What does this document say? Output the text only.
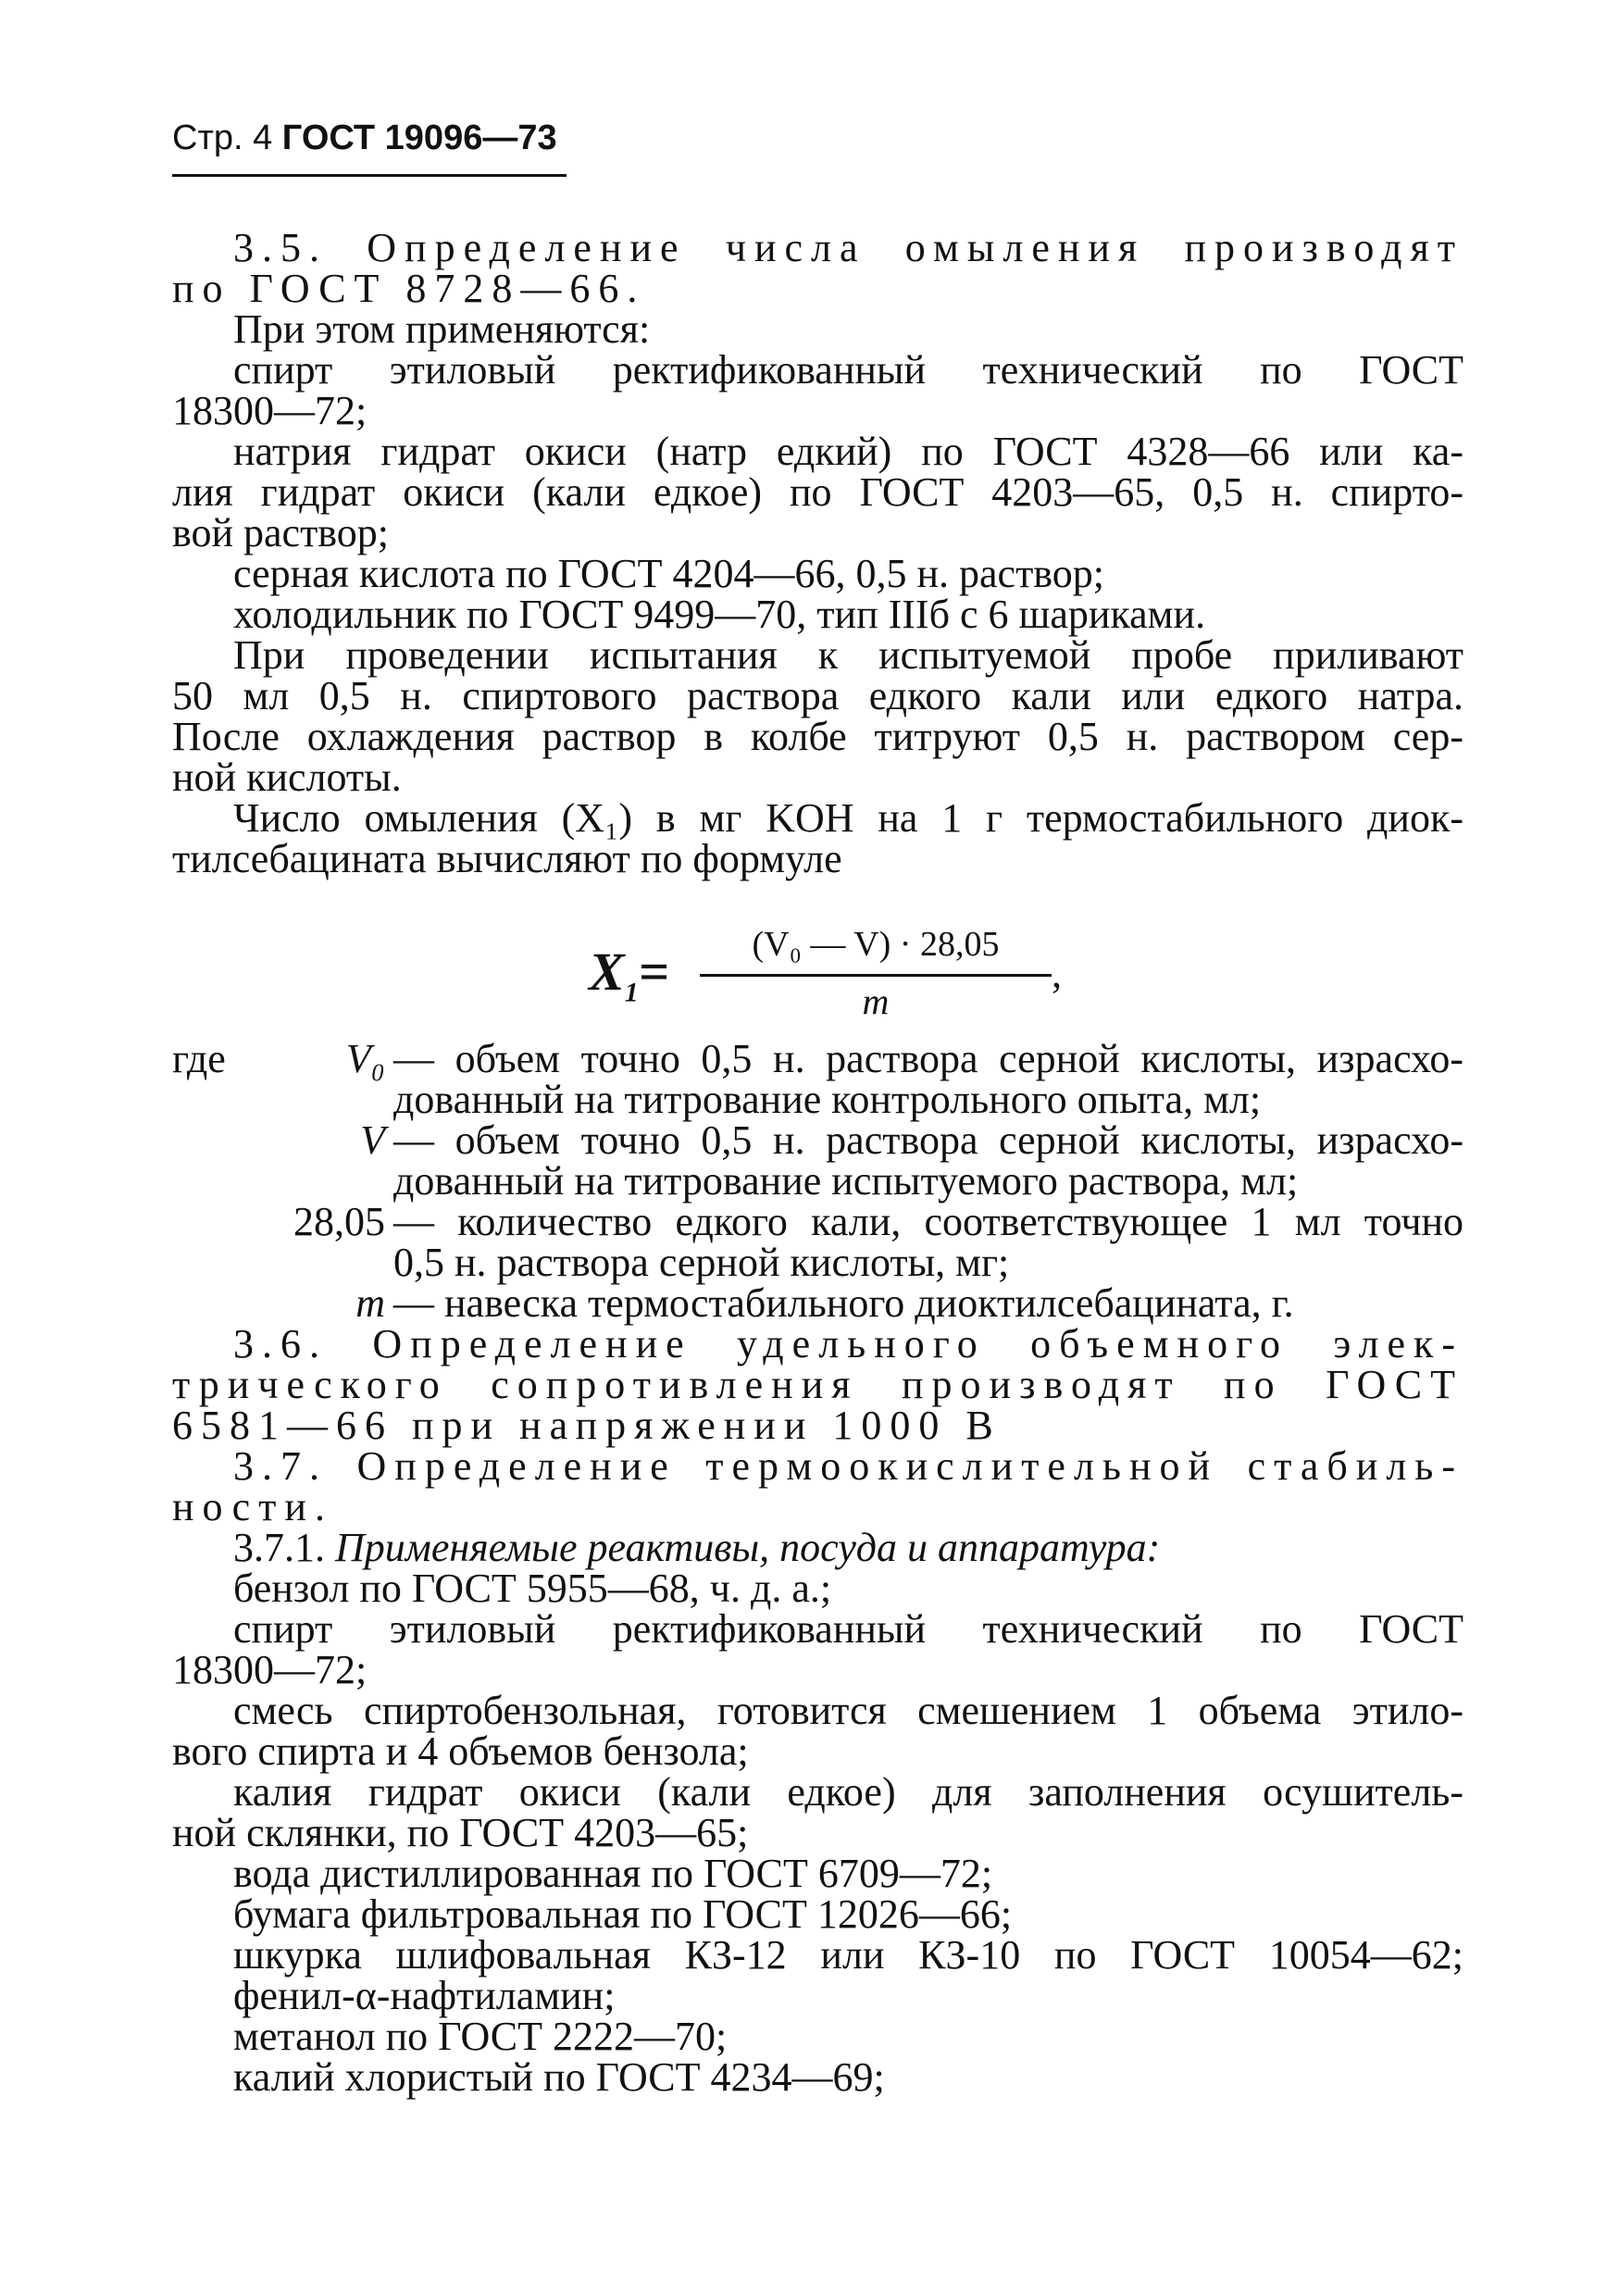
Стр. 4 ГОСТ 19096—73
3.5. Определение числа омыления производят
по ГОСТ 8728—66.
При этом применяются:
спирт этиловый ректификованный технический по ГОСТ
18300—72;
натрия гидрат окиси (натр едкий) по ГОСТ 4328—66 или ка-
лия гидрат окиси (кали едкое) по ГОСТ 4203—65, 0,5 н. спирто-
вой раствор;
серная кислота по ГОСТ 4204—66, 0,5 н. раствор;
холодильник по ГОСТ 9499—70, тип IIIб с 6 шариками.
При проведении испытания к испытуемой пробе приливают
50 мл 0,5 н. спиртового раствора едкого кали или едкого натра.
После охлаждения раствор в колбе титруют 0,5 н. раствором сер-
ной кислоты.
Число омыления (X₁) в мг KOH на 1 г термостабильного диок-
тилсебацината вычисляют по формуле
$X_1=$	(V₀ — V) · 28,05
m
,
где	V₀ — объем точно 0,5 н. раствора серной кислоты, израсхо-
дованный на титрование контрольного опыта, мл;
V — объем точно 0,5 н. раствора серной кислоты, израсхо-
дованный на титрование испытуемого раствора, мл;
28,05 — количество едкого кали, соответствующее 1 мл точно
0,5 н. раствора серной кислоты, мг;
m — навеска термостабильного диоктилсебацината, г.
3.6. Определение удельного объемного элек-
трического сопротивления производят по ГОСТ
6581—66 при напряжении 1000 В
3.7. Определение термоокислительной стабиль-
ности.
3.7.1. Применяемые реактивы, посуда и аппаратура:
бензол по ГОСТ 5955—68, ч. д. а.;
спирт этиловый ректификованный технический по ГОСТ
18300—72;
смесь спиртобензольная, готовится смешением 1 объема этило-
вого спирта и 4 объемов бензола;
калия гидрат окиси (кали едкое) для заполнения осушитель-
ной склянки, по ГОСТ 4203—65;
вода дистиллированная по ГОСТ 6709—72;
бумага фильтровальная по ГОСТ 12026—66;
шкурка шлифовальная КЗ-12 или КЗ-10 по ГОСТ 10054—62;
фенил-α-нафтиламин;
метанол по ГОСТ 2222—70;
калий хлористый по ГОСТ 4234—69;
